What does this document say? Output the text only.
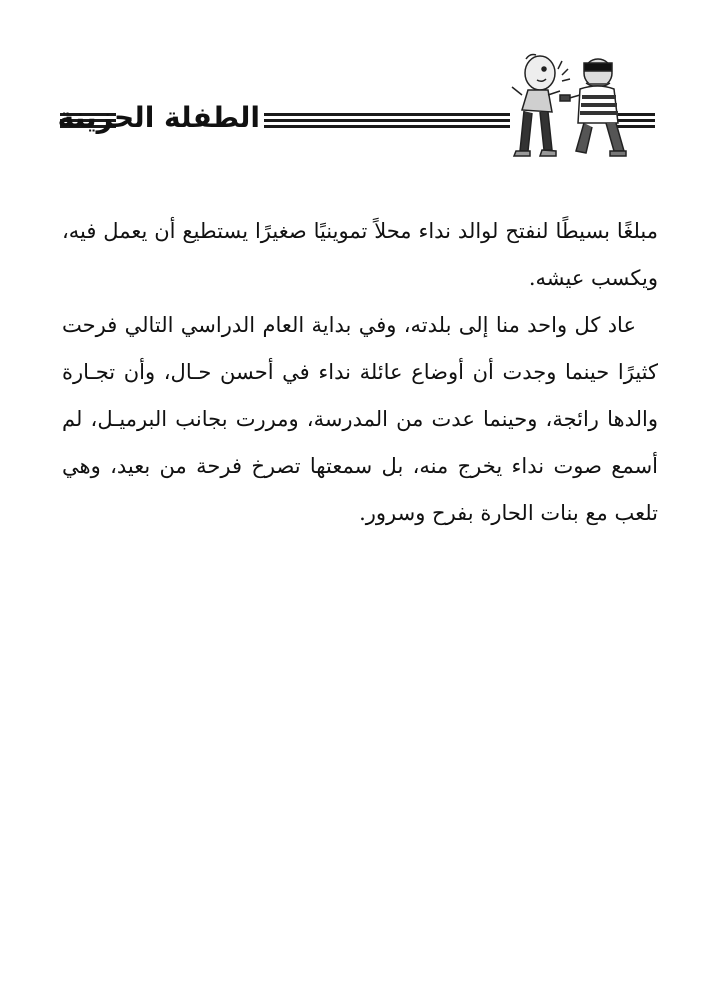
الطفلة الحزينة

مبلغًا بسيطًا لنفتح لوالد نداء محلاً تموينيًا صغيرًا يستطيع أن يعمل فيه، ويكسب عيشه.

عاد كل واحد منا إلى بلدته، وفي بداية العام الدراسي التالي فرحت كثيرًا حينما وجدت أن أوضاع عائلة نداء في أحسن حـال، وأن تجـارة والدها رائجة، وحينما عدت من المدرسة، ومررت بجانب البرميـل، لم أسمع صوت نداء يخرج منه، بل سمعتها تصرخ فرحة من بعيد، وهي تلعب مع بنات الحارة بفرح وسرور.
